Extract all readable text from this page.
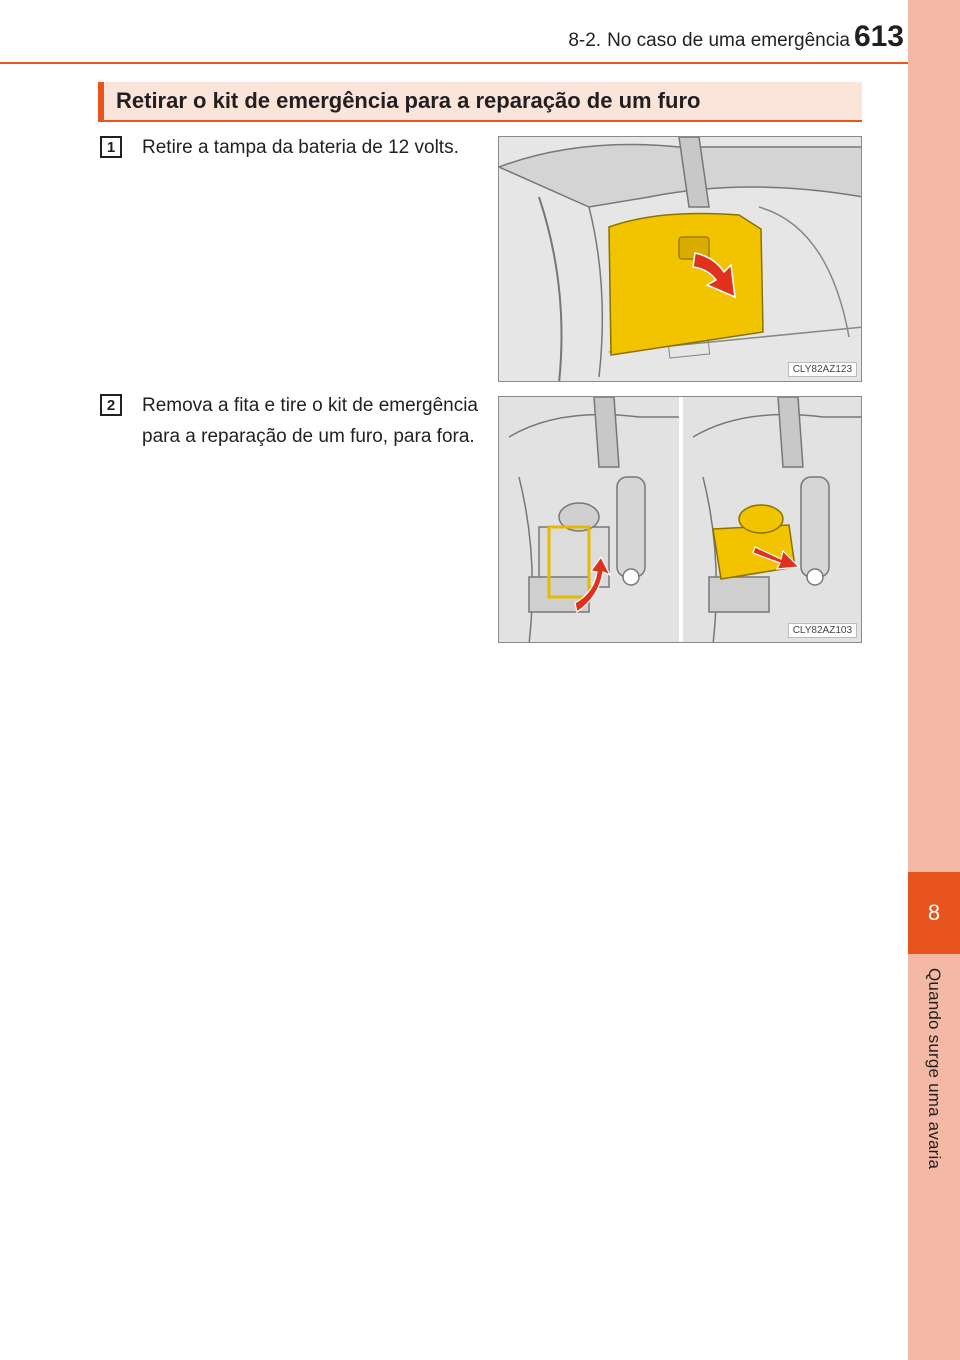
8-2. No caso de uma emergência 613
8
Quando surge uma avaria
Retirar o kit de emergência para a reparação de um furo
1	Retire a tampa da bateria de 12 volts.
CLY82AZ123
2	Remova a fita e tire o kit de emergência para a reparação de um furo, para fora.
CLY82AZ103
